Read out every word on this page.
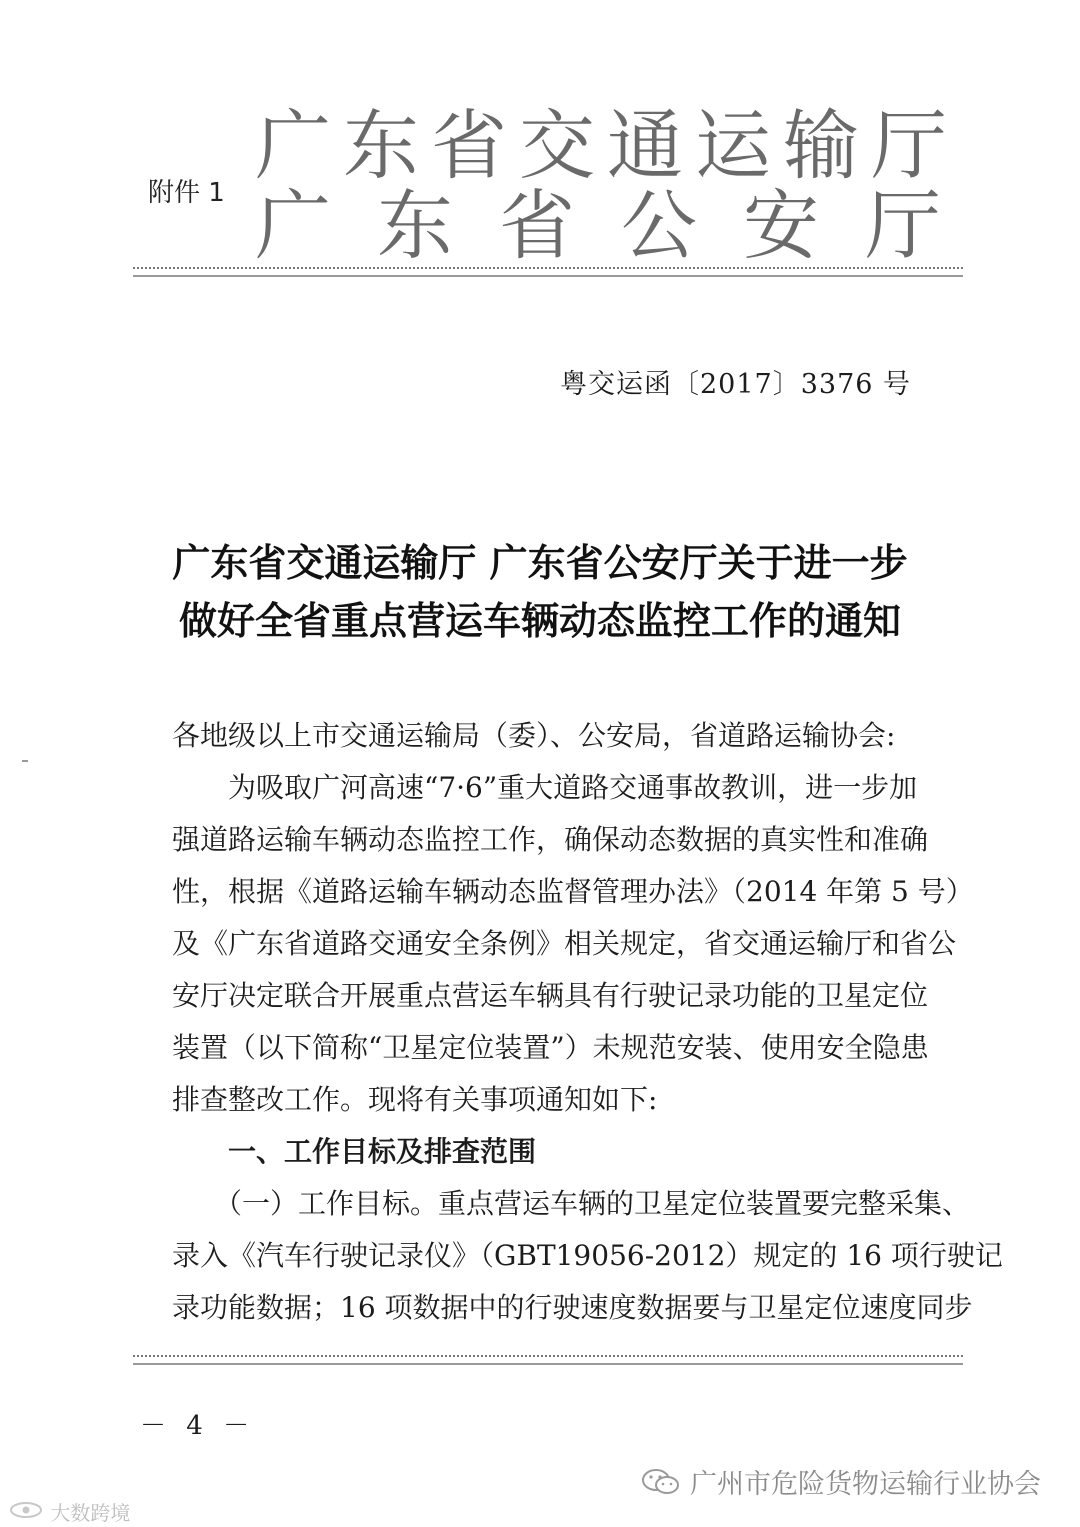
附件 1
广东省交通运输厅
广东省公安厅
粤交运函〔2017〕3376 号
广东省交通运输厅 广东省公安厅关于进一步
做好全省重点营运车辆动态监控工作的通知
各地级以上市交通运输局（委）、公安局，省道路运输协会:
　　为吸取广河高速“7·6”重大道路交通事故教训，进一步加
强道路运输车辆动态监控工作，确保动态数据的真实性和准确
性，根据《道路运输车辆动态监督管理办法》（2014 年第 5 号）
及《广东省道路交通安全条例》相关规定，省交通运输厅和省公
安厅决定联合开展重点营运车辆具有行驶记录功能的卫星定位
装置（以下简称“卫星定位装置”）未规范安装、使用安全隐患
排查整改工作。现将有关事项通知如下:
　　一、工作目标及排查范围
　　（一）工作目标。重点营运车辆的卫星定位装置要完整采集、
录入《汽车行驶记录仪》（GBT19056-2012）规定的 16 项行驶记
录功能数据；16 项数据中的行驶速度数据要与卫星定位速度同步
－ 4 －
大数跨境
广州市危险货物运输行业协会
